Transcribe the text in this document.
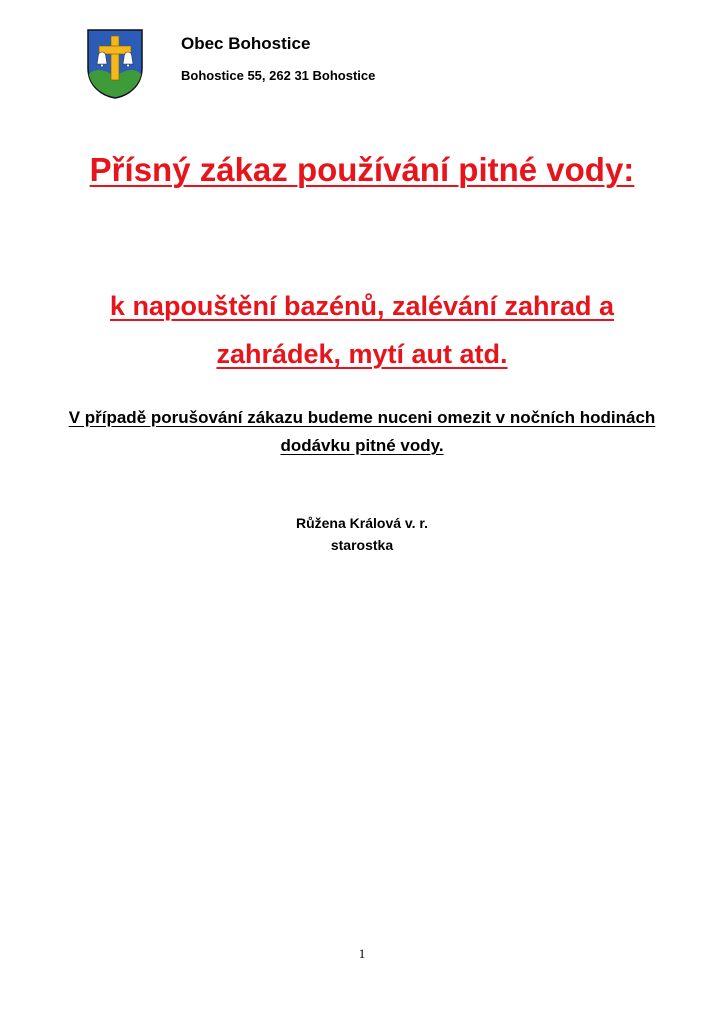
Obec Bohostice
Bohostice 55, 262 31 Bohostice
Přísný zákaz používání pitné vody:
k napouštění bazénů, zalévání zahrad a zahrádek, mytí aut atd.
V případě porušování zákazu budeme nuceni omezit v nočních hodinách dodávku pitné vody.
Růžena Králová v. r.
starostka
1
